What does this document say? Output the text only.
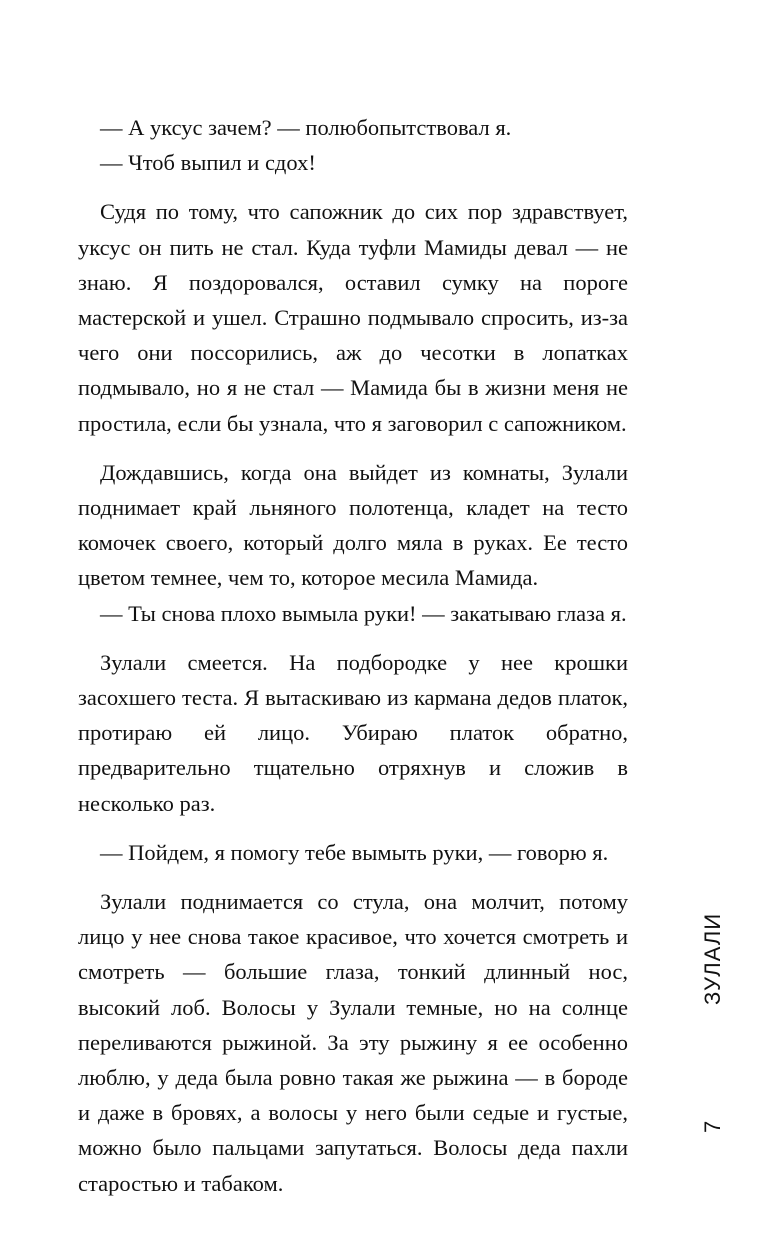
— А уксус зачем? — полюбопытствовал я.

— Чтоб выпил и сдох!

Судя по тому, что сапожник до сих пор здравствует, уксус он пить не стал. Куда туфли Мамиды девал — не знаю. Я поздоровался, оставил сумку на пороге мастерской и ушел. Страшно подмывало спросить, из-за чего они поссорились, аж до чесотки в лопатках подмывало, но я не стал — Мамида бы в жизни меня не простила, если бы узнала, что я заговорил с сапожником.

Дождавшись, когда она выйдет из комнаты, Зулали поднимает край льняного полотенца, кладет на тесто комочек своего, который долго мяла в руках. Ее тесто цветом темнее, чем то, которое месила Мамида.

— Ты снова плохо вымыла руки! — закатываю глаза я.

Зулали смеется. На подбородке у нее крошки засохшего теста. Я вытаскиваю из кармана дедов платок, протираю ей лицо. Убираю платок обратно, предварительно тщательно отряхнув и сложив в несколько раз.

— Пойдем, я помогу тебе вымыть руки, — говорю я.

Зулали поднимается со стула, она молчит, потому лицо у нее снова такое красивое, что хочется смотреть и смотреть — большие глаза, тонкий длинный нос, высокий лоб. Волосы у Зулали темные, но на солнце переливаются рыжиной. За эту рыжину я ее особенно люблю, у деда была ровно такая же рыжина — в бороде и даже в бровях, а волосы у него были седые и густые, можно было пальцами запутаться. Волосы деда пахли старостью и табаком.

ЗУЛАЛИ
7
